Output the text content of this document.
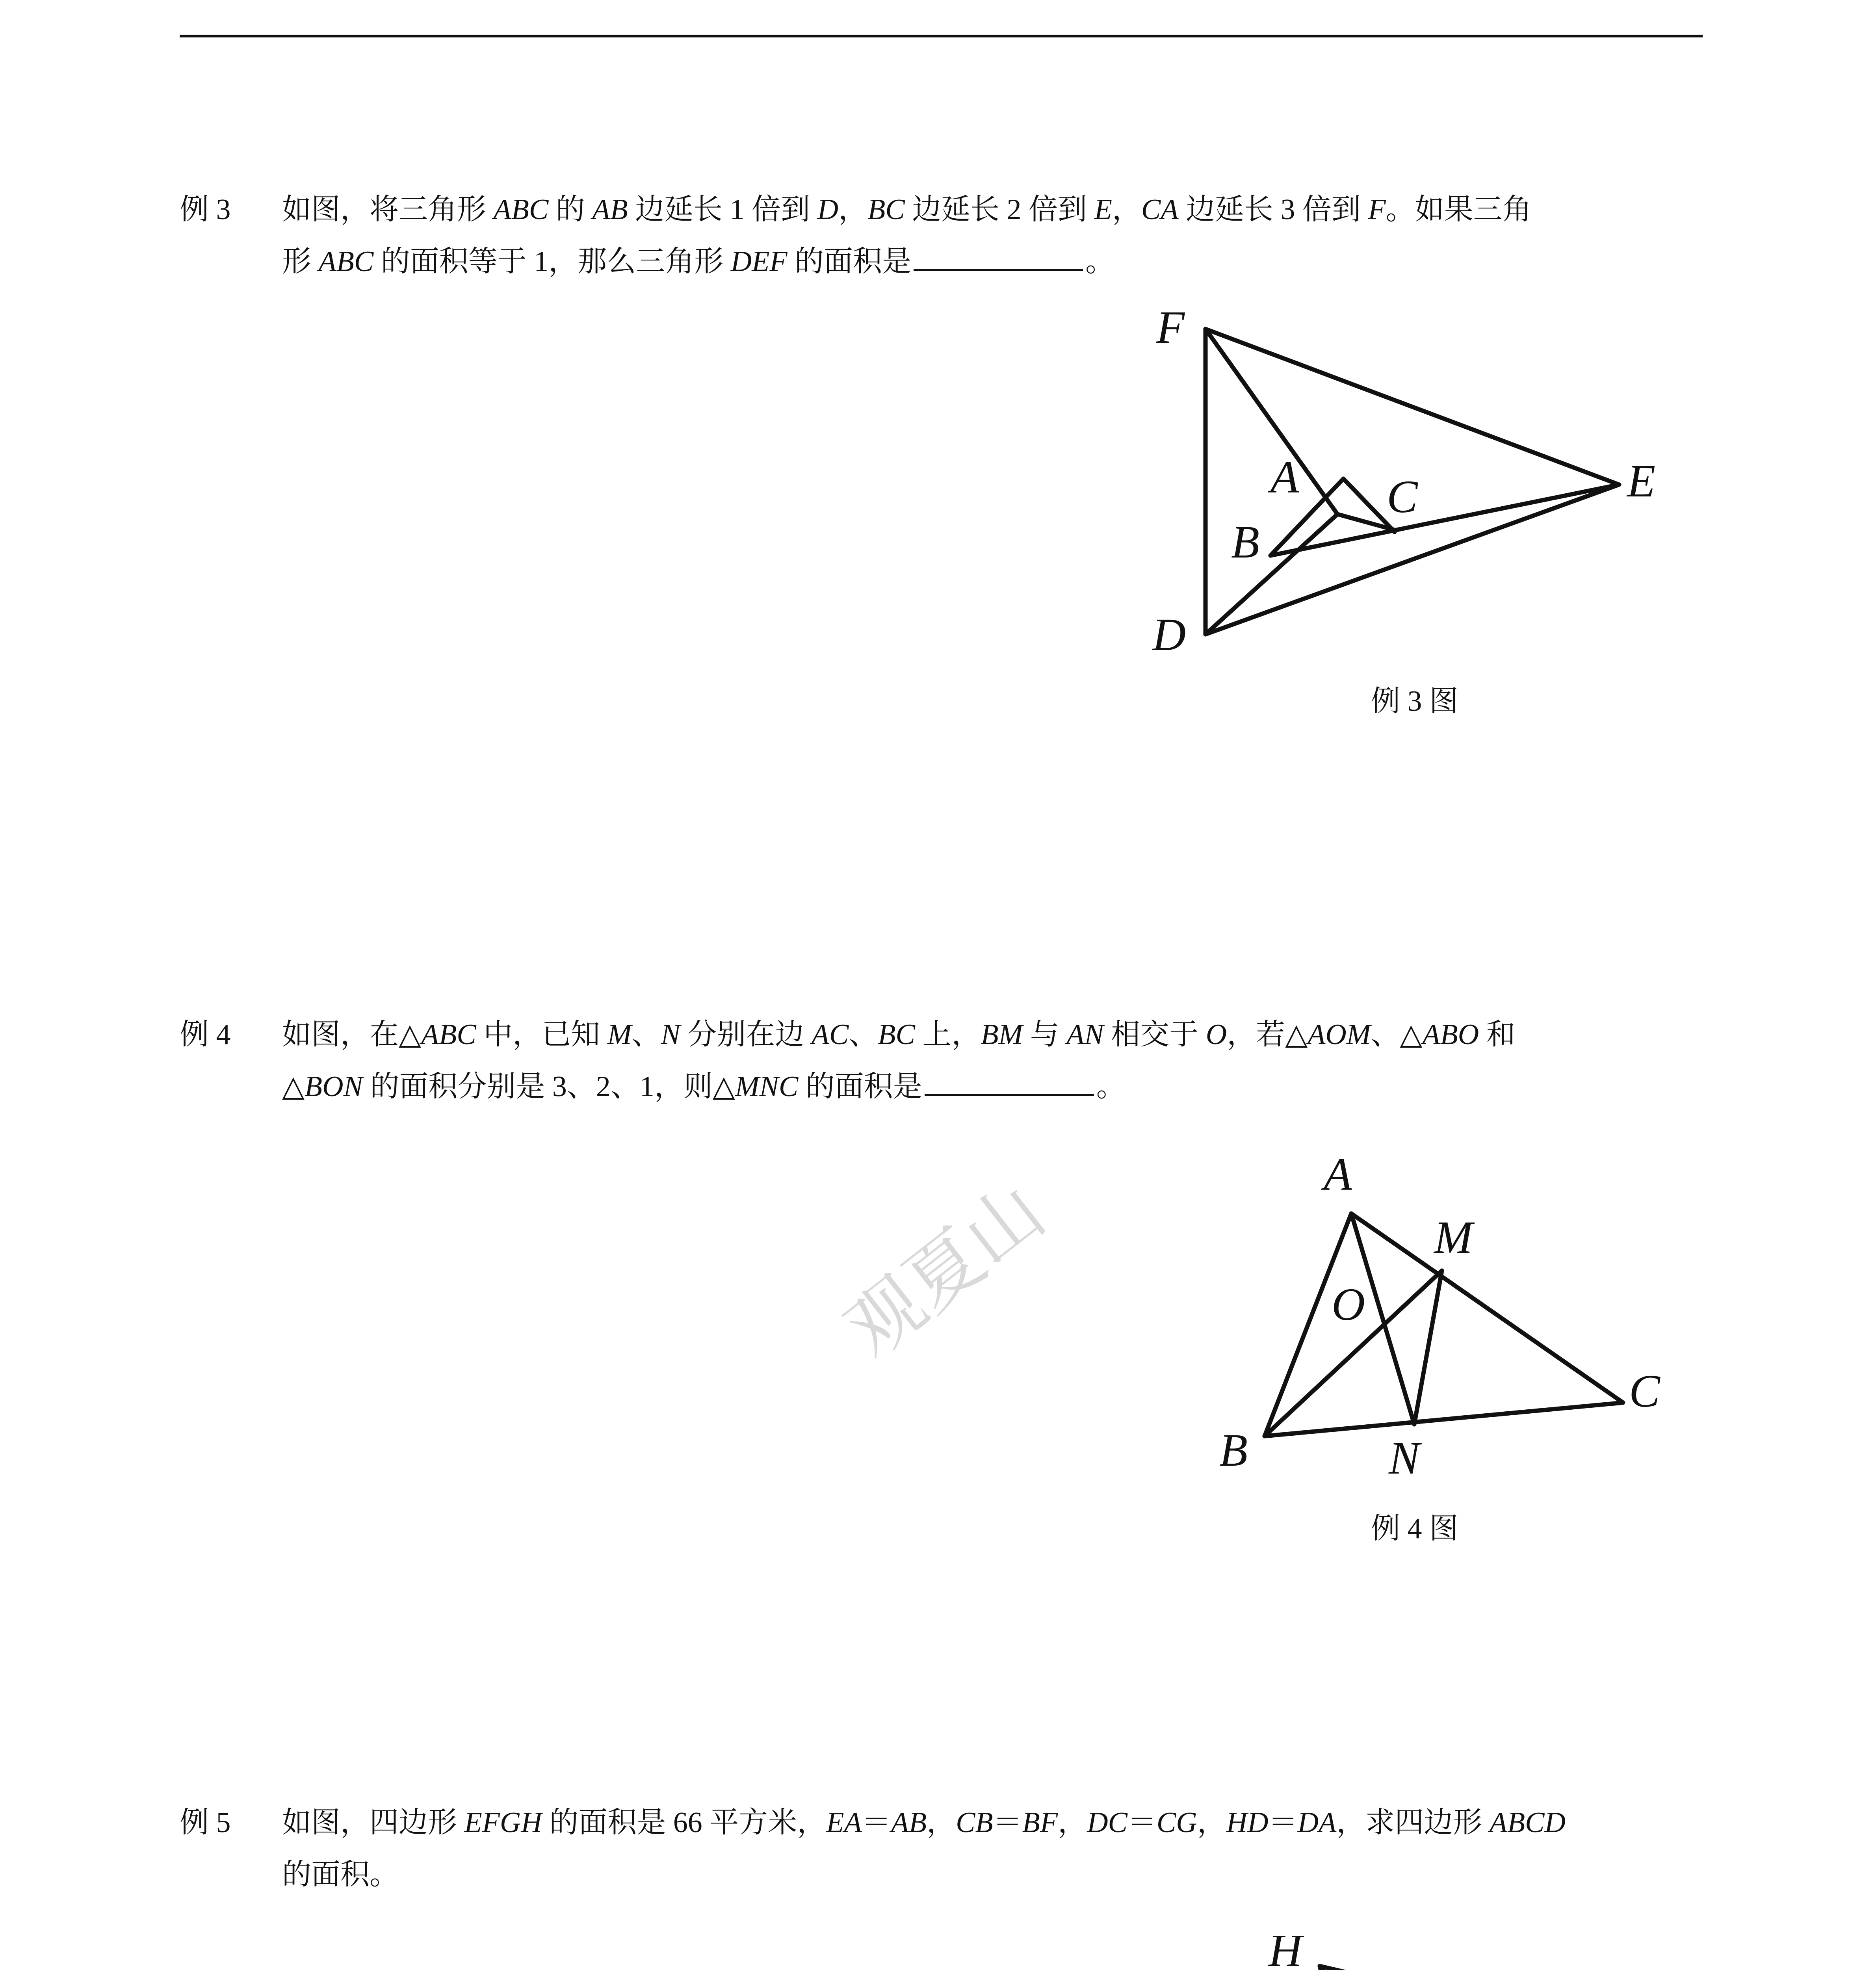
例 3 如图，将三角形 ABC 的 AB 边延长 1 倍到 D，BC 边延长 2 倍到 E，CA 边延长 3 倍到 F。如果三角
形 ABC 的面积等于 1，那么三角形 DEF 的面积是	。
F
A C
B
D
E
例 3 图
例 4 如图，在△ABC 中，已知 M、N 分别在边 AC、BC 上，BM 与 AN 相交于 O，若△AOM、△ABO 和
△BON 的面积分别是 3、2、1，则△MNC 的面积是	。
A
M
O
B
C
N
例 4 图
例 5 如图，四边形 EFGH 的面积是 66 平方米，EA＝AB，CB＝BF，DC＝CG，HD＝DA，求四边形 ABCD
的面积。
H
观夏山
